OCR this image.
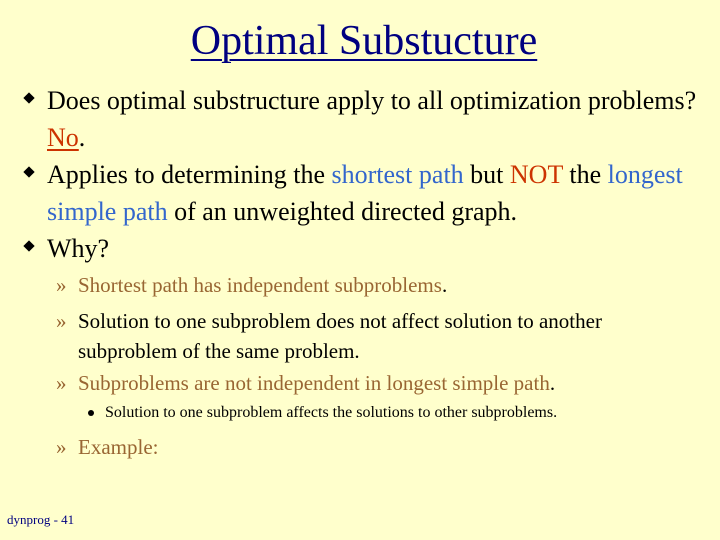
Optimal Substucture
Does optimal substructure apply to all optimization problems? No.
Applies to determining the shortest path but NOT the longest simple path of an unweighted directed graph.
Why?
» Shortest path has independent subproblems.
» Solution to one subproblem does not affect solution to another subproblem of the same problem.
» Subproblems are not independent in longest simple path.
Solution to one subproblem affects the solutions to other subproblems.
» Example:
dynprog - 41
